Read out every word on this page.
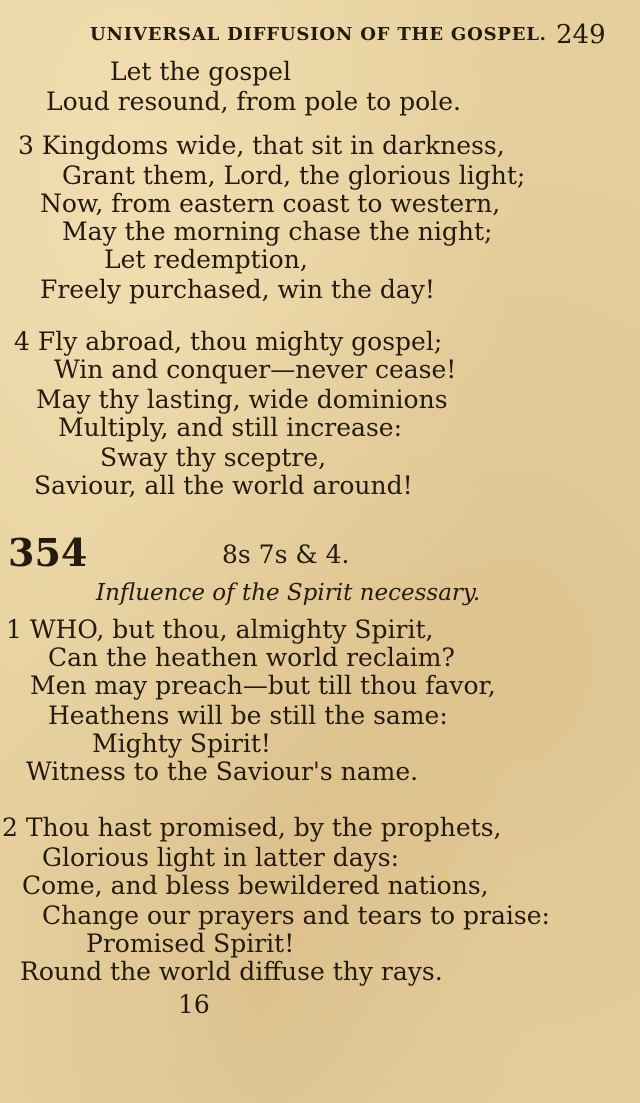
UNIVERSAL DIFFUSION OF THE GOSPEL. 249
Let the gospel
Loud resound, from pole to pole.
3 Kingdoms wide, that sit in darkness,
Grant them, Lord, the glorious light;
Now, from eastern coast to western,
May the morning chase the night;
Let redemption,
Freely purchased, win the day!
4 Fly abroad, thou mighty gospel;
Win and conquer—never cease!
May thy lasting, wide dominions
Multiply, and still increase:
Sway thy sceptre,
Saviour, all the world around!
354	8s 7s & 4.
Influence of the Spirit necessary.
1 WHO, but thou, almighty Spirit,
Can the heathen world reclaim?
Men may preach—but till thou favor,
Heathens will be still the same:
Mighty Spirit!
Witness to the Saviour's name.
2 Thou hast promised, by the prophets,
Glorious light in latter days:
Come, and bless bewildered nations,
Change our prayers and tears to praise:
Promised Spirit!
Round the world diffuse thy rays.
16
